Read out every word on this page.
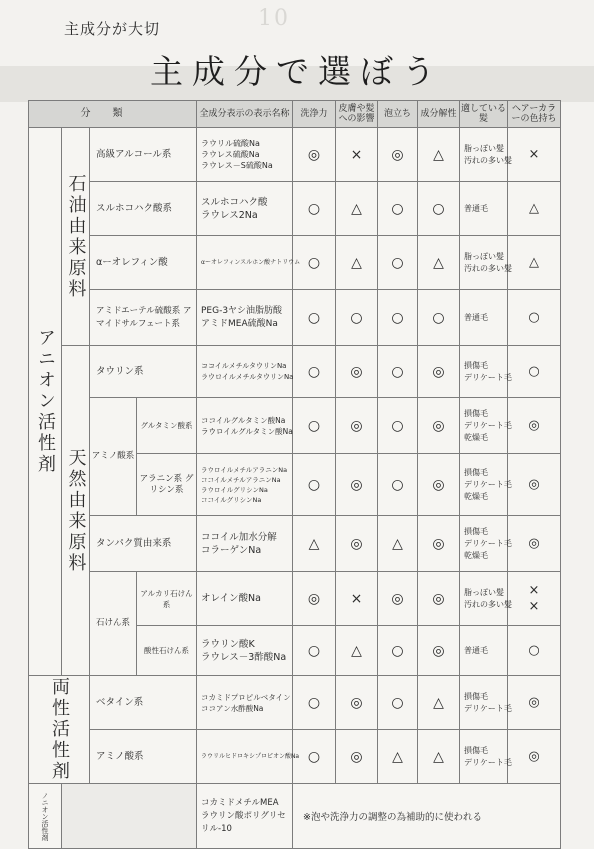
10
主成分が大切
主成分で選ぼう
分類				全成分表示の表示名称	洗浄力	皮膚や髪への影響	泡立ち	成分解性	適している髪	ヘアーカラーの色持ち

アニオン活性剤	石油由来原料	高級アルコール系		ラウリル硫酸Na
ラウレス硫酸Na
ラウレス－S硫酸Na	◎	×	◎	△	脂っぽい髪
汚れの多い髪	×
		スルホコハク酸系		スルホコハク酸
ラウレス2Na	○	△	○	○	普通毛	△
		αーオレフィン酸		αーオレフィンスルホン酸ナトリウム	○	△	○	△	脂っぽい髪
汚れの多い髪	△
		アミドエーテル硫酸系 アマイドサルフェート系		PEG-3ヤシ油脂肪酸
アミドMEA硫酸Na	○	○	○	○	普通毛	○

	天然由来原料	タウリン系		ココイルメチルタウリンNa
ラウロイルメチルタウリンNa	○	◎	○	◎	損傷毛
デリケート毛	○
		アミノ酸系	グルタミン酸系	ココイルグルタミン酸Na
ラウロイルグルタミン酸Na	○	◎	○	◎	損傷毛
デリケート毛
乾燥毛	◎
			アラニン系 グリシン系	ラウロイルメチルアラニンNa
ココイルメチルアラニンNa
ラウロイルグリシンNa
ココイルグリシンNa	○	◎	○	◎	損傷毛
デリケート毛
乾燥毛	◎
		タンパク質由来系		ココイル加水分解
コラーゲンNa	△	◎	△	◎	損傷毛
デリケート毛
乾燥毛	◎
		石けん系	アルカリ石けん系	オレイン酸Na	◎	×	◎	◎	脂っぽい髪
汚れの多い髪	×
×

			酸性石けん系	ラウリン酸K
ラウレス－3酢酸Na	○	△	○	◎	普通毛	○

両性活性剤		ベタイン系		コカミドプロピルベタイン
ココアン水酢酸Na	○	◎	○	△	損傷毛
デリケート毛	◎
		アミノ酸系		ラウリルヒドロキシプロピオン酸Na	○	◎	△	△	損傷毛
デリケート毛	◎

ノニオン活性剤				コカミドメチルMEA
ラウリン酸ポリグリセ
リル-10	※泡や洗浄力の調整の為補助的に使われる					
